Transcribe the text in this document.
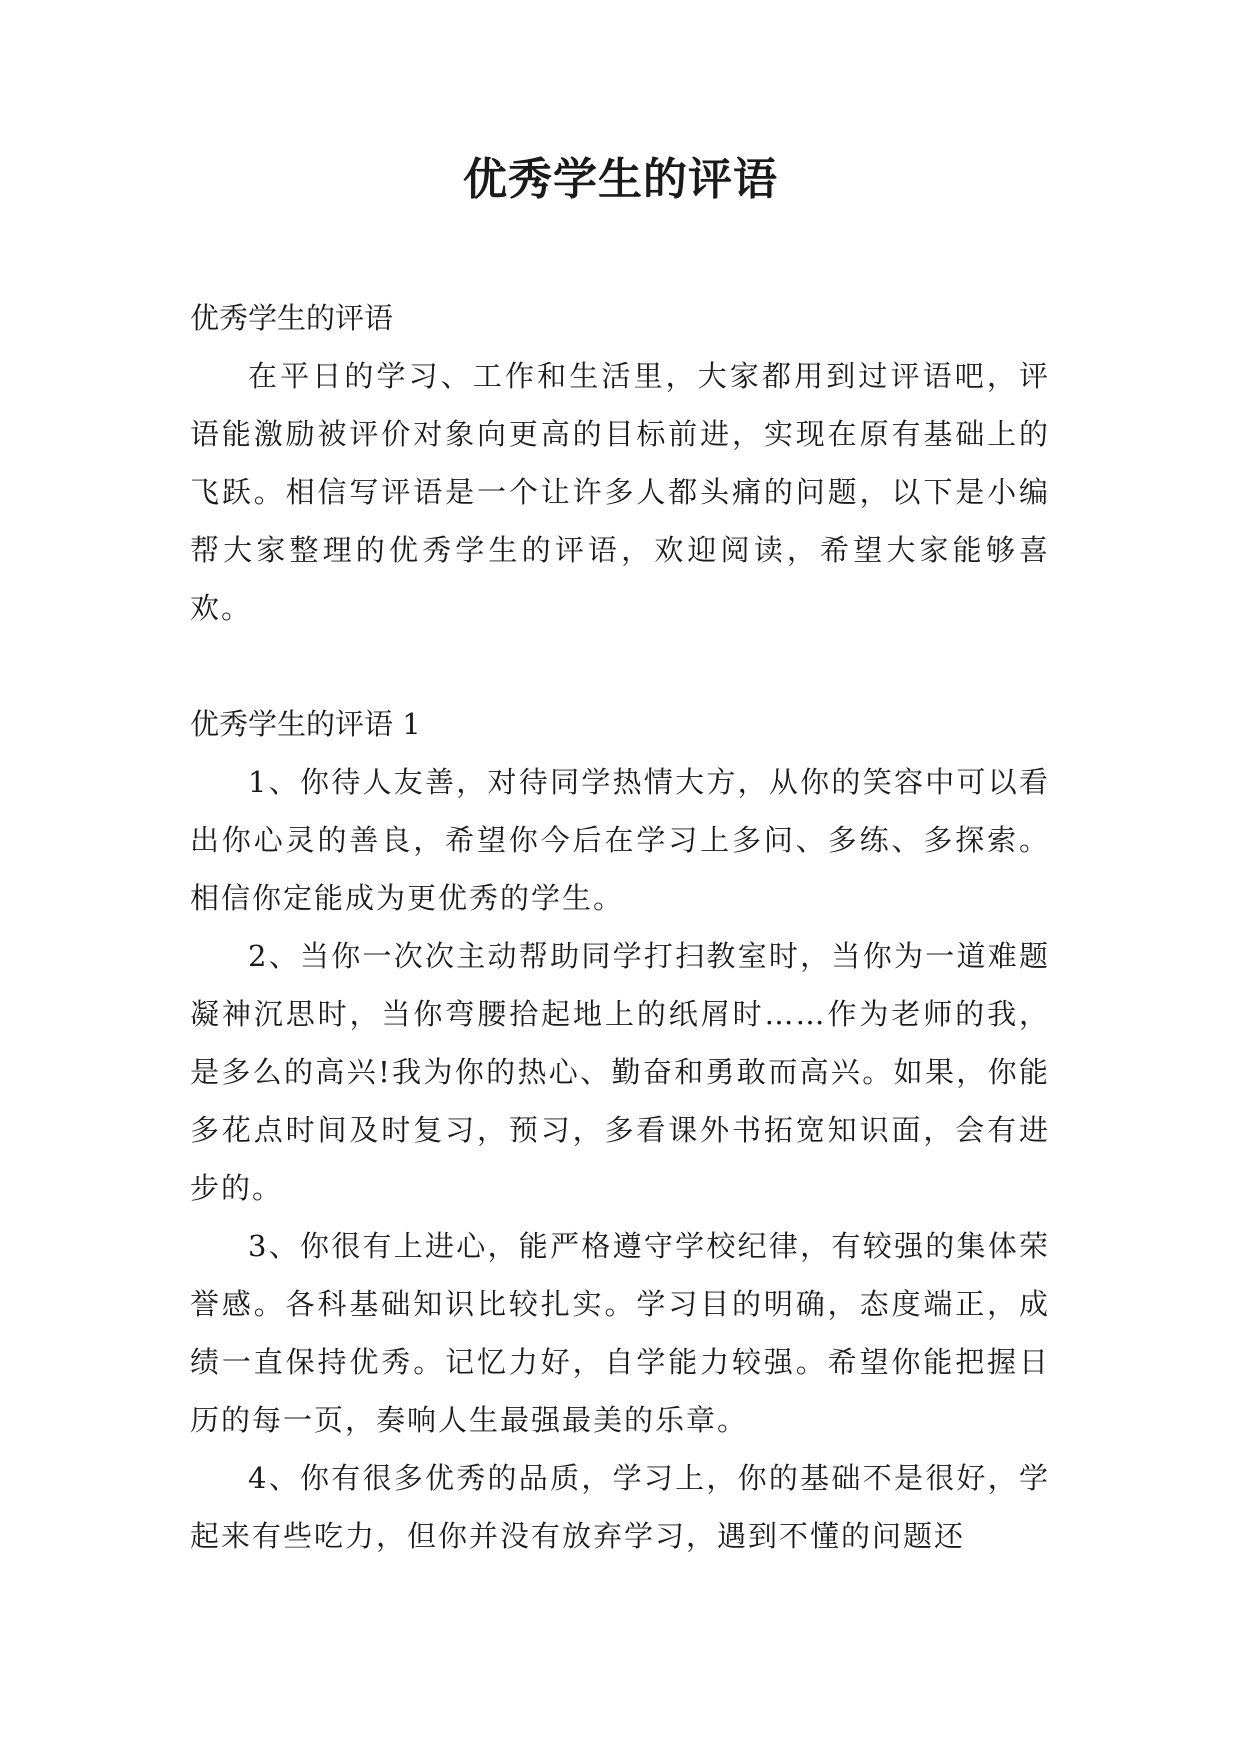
优秀学生的评语

优秀学生的评语

在平日的学习、工作和生活里，大家都用到过评语吧，评语能激励被评价对象向更高的目标前进，实现在原有基础上的飞跃。相信写评语是一个让许多人都头痛的问题，以下是小编帮大家整理的优秀学生的评语，欢迎阅读，希望大家能够喜欢。

优秀学生的评语 1

1、你待人友善，对待同学热情大方，从你的笑容中可以看出你心灵的善良，希望你今后在学习上多问、多练、多探索。相信你定能成为更优秀的学生。

2、当你一次次主动帮助同学打扫教室时，当你为一道难题凝神沉思时，当你弯腰拾起地上的纸屑时……作为老师的我，是多么的高兴!我为你的热心、勤奋和勇敢而高兴。如果，你能多花点时间及时复习，预习，多看课外书拓宽知识面，会有进步的。

3、你很有上进心，能严格遵守学校纪律，有较强的集体荣誉感。各科基础知识比较扎实。学习目的明确，态度端正，成绩一直保持优秀。记忆力好，自学能力较强。希望你能把握日历的每一页，奏响人生最强最美的乐章。

4、你有很多优秀的品质，学习上，你的基础不是很好，学起来有些吃力，但你并没有放弃学习，遇到不懂的问题还
